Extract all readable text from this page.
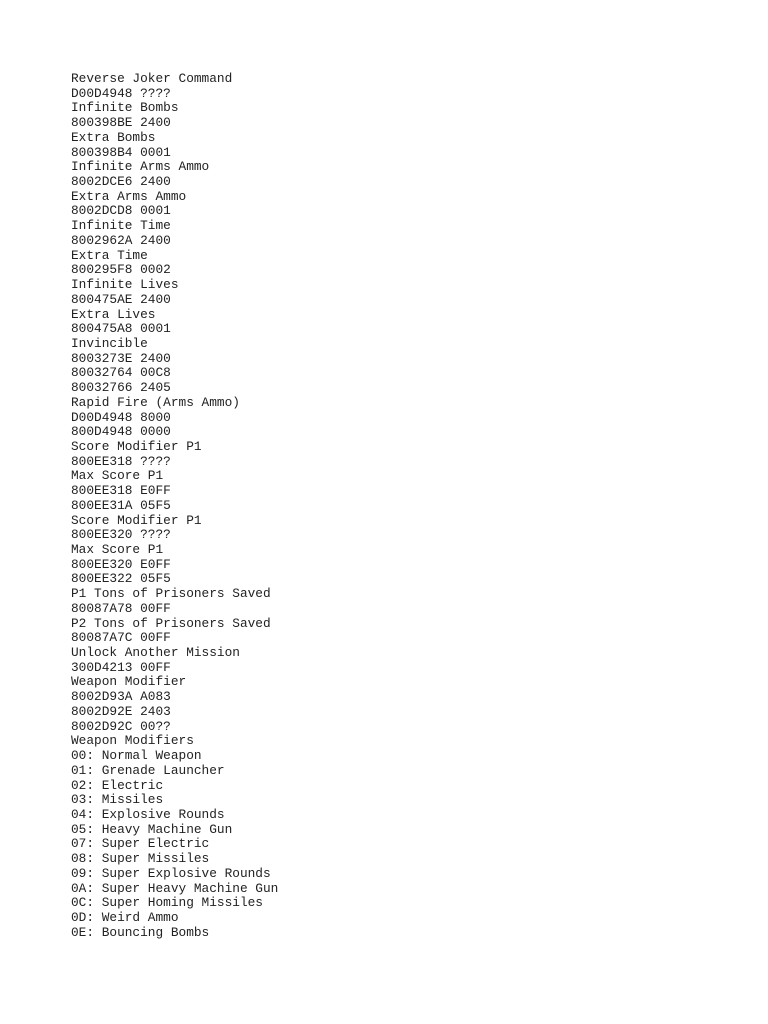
Reverse Joker Command
D00D4948 ????
Infinite Bombs
800398BE 2400
Extra Bombs
800398B4 0001
Infinite Arms Ammo
8002DCE6 2400
Extra Arms Ammo
8002DCD8 0001
Infinite Time
8002962A 2400
Extra Time
800295F8 0002
Infinite Lives
800475AE 2400
Extra Lives
800475A8 0001
Invincible
8003273E 2400
80032764 00C8
80032766 2405
Rapid Fire (Arms Ammo)
D00D4948 8000
800D4948 0000
Score Modifier P1
800EE318 ????
Max Score P1
800EE318 E0FF
800EE31A 05F5
Score Modifier P1
800EE320 ????
Max Score P1
800EE320 E0FF
800EE322 05F5
P1 Tons of Prisoners Saved
80087A78 00FF
P2 Tons of Prisoners Saved
80087A7C 00FF
Unlock Another Mission
300D4213 00FF
Weapon Modifier
8002D93A A083
8002D92E 2403
8002D92C 00??
Weapon Modifiers
00: Normal Weapon
01: Grenade Launcher
02: Electric
03: Missiles
04: Explosive Rounds
05: Heavy Machine Gun
07: Super Electric
08: Super Missiles
09: Super Explosive Rounds
0A: Super Heavy Machine Gun
0C: Super Homing Missiles
0D: Weird Ammo
0E: Bouncing Bombs
